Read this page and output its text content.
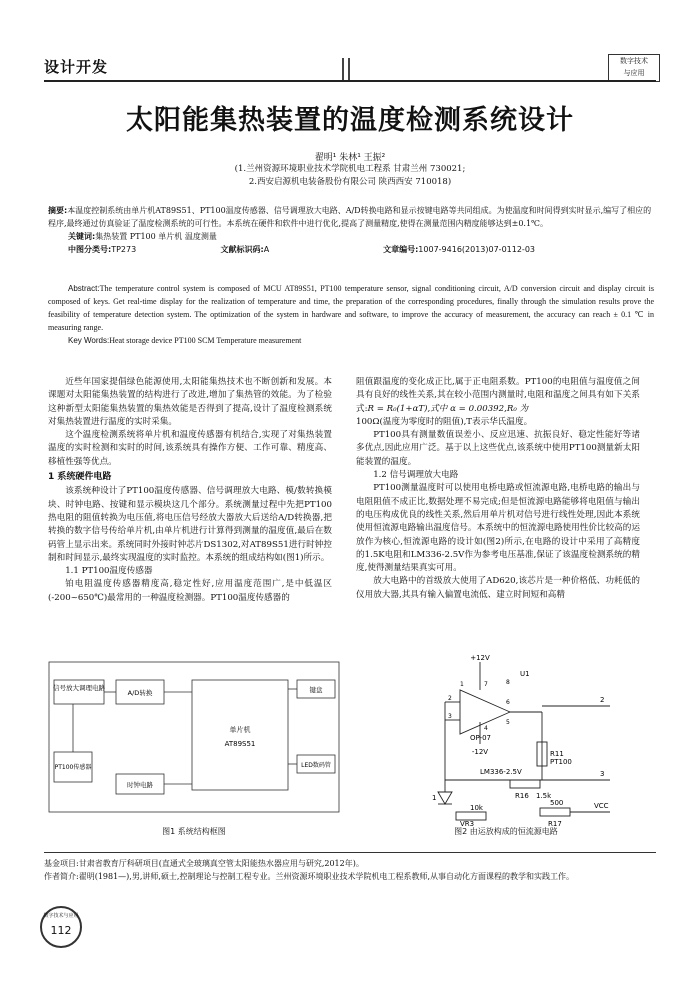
设计开发	数字技术
与应用
太阳能集热装置的温度检测系统设计
翟明¹ 朱林¹ 王振²
(1.兰州资源环境职业技术学院机电工程系 甘肃兰州 730021;
2.西安启源机电装备股份有限公司 陕西西安 710018)
摘要:本温度控制系统由单片机AT89S51、PT100温度传感器、信号调理放大电路、A/D转换电路和显示按键电路等共同组成。为使温度和时间得到实时显示,编写了相应的程序,最终通过仿真验证了温度检测系统的可行性。本系统在硬件和软件中进行优化,提高了测量精度,使得在测量范围内精度能够达到±0.1℃。
关键词:集热装置 PT100 单片机 温度测量
中图分类号:TP273	文献标识码:A	文章编号:1007-9416(2013)07-0112-03
Abstract:The temperature control system is composed of MCU AT89S51, PT100 temperature sensor, signal conditioning circuit, A/D conversion circuit and display circuit is composed of keys. Get real-time display for the realization of temperature and time, the preparation of the corresponding procedures, finally through the simulation results prove the feasibility of temperature detection system. The optimization of the system in hardware and software, to improve the accuracy of measurement, the accuracy can reach ± 0.1 ℃ in measuring range.
Key Words:Heat storage device PT100 SCM Temperature measurement

近些年国家提倡绿色能源使用,太阳能集热技术也不断创新和发展。本课题对太阳能集热装置的结构进行了改进,增加了集热管的效能。为了检验这种新型太阳能集热装置的集热效能是否得到了提高,设计了温度检测系统对集热装置进行温度的实时采集。

这个温度检测系统将单片机和温度传感器有机结合,实现了对集热装置温度的实时检测和实时的时间,该系统具有操作方便、工作可靠、精度高、移植性强等优点。

1 系统硬件电路

该系统种设计了PT100温度传感器、信号调理放大电路、模/数转换模块、时钟电路、按键和显示模块这几个部分。系统测量过程中先把PT100热电阻的阻值转换为电压值,将电压信号经放大器放大后送给A/D转换器,把转换的数字信号传给单片机,由单片机进行计算得到测量的温度值,最后在数码管上显示出来。系统同时外接时钟芯片DS1302,对AT89S51进行时钟控制和时间显示,最终实现温度的实时监控。本系统的组成结构如(图1)所示。

1.1 PT100温度传感器

铂电阻温度传感器精度高,稳定性好,应用温度范围广,是中低温区(-200~650℃)最常用的一种温度检测器。PT100温度传感器的

阻值跟温度的变化成正比,属于正电阻系数。PT100的电阻值与温度值之间具有良好的线性关系,其在较小范围内测量时,电阻和温度之间具有如下关系式:R = R₀(1+αT),式中 α = 0.00392,R₀ 为

100Ω(温度为零度时的阻值),T表示华氏温度。

PT100具有测量数值误差小、反应迅速、抗振良好、稳定性能好等诸多优点,因此应用广泛。基于以上这些优点,该系统中使用PT100测量新太阳能装置的温度。

1.2 信号调理放大电路

PT100测量温度时可以使用电桥电路或恒流源电路,电桥电路的输出与电阻阻值不成正比,数据处理不易完成;但是恒流源电路能够将电阻值与输出的电压构成优良的线性关系,然后用单片机对信号进行线性处理,因此本系统使用恒流源电路输出温度信号。本系统中的恒流源电路使用性价比较高的运放作为核心,恒流源电路的设计如(图2)所示,在电路的设计中采用了高精度的1.5K电阻和LM336-2.5V作为参考电压基准,保证了该温度检测系统的精度,使得测量结果真实可用。

放大电路中的首级放大使用了AD620,该芯片是一种价格低、功耗低的仪用放大器,其具有输入偏置电流低、建立时间短和高精

信号放大调理电路
A/D转换
单片机
AT89S51
键盘
LED数码管
PT100传感器
时钟电路
图1 系统结构框图
+12V
-12V
U1
OP-07
R11
PT100
LM336-2.5V
R16 1.5k
R17
500
VR3
10k	VCC
2
3
1
2
3
4
5
6
7	8
1
图2 由运放构成的恒流源电路
基金项目:甘肃省教育厅科研项目(直通式全玻璃真空管太阳能热水器应用与研究,2012年)。
作者简介:翟明(1981—),男,讲师,硕士,控制理论与控制工程专业。兰州资源环境职业技术学院机电工程系教师,从事自动化方面课程的教学和实践工作。
数字技术与应用
112
